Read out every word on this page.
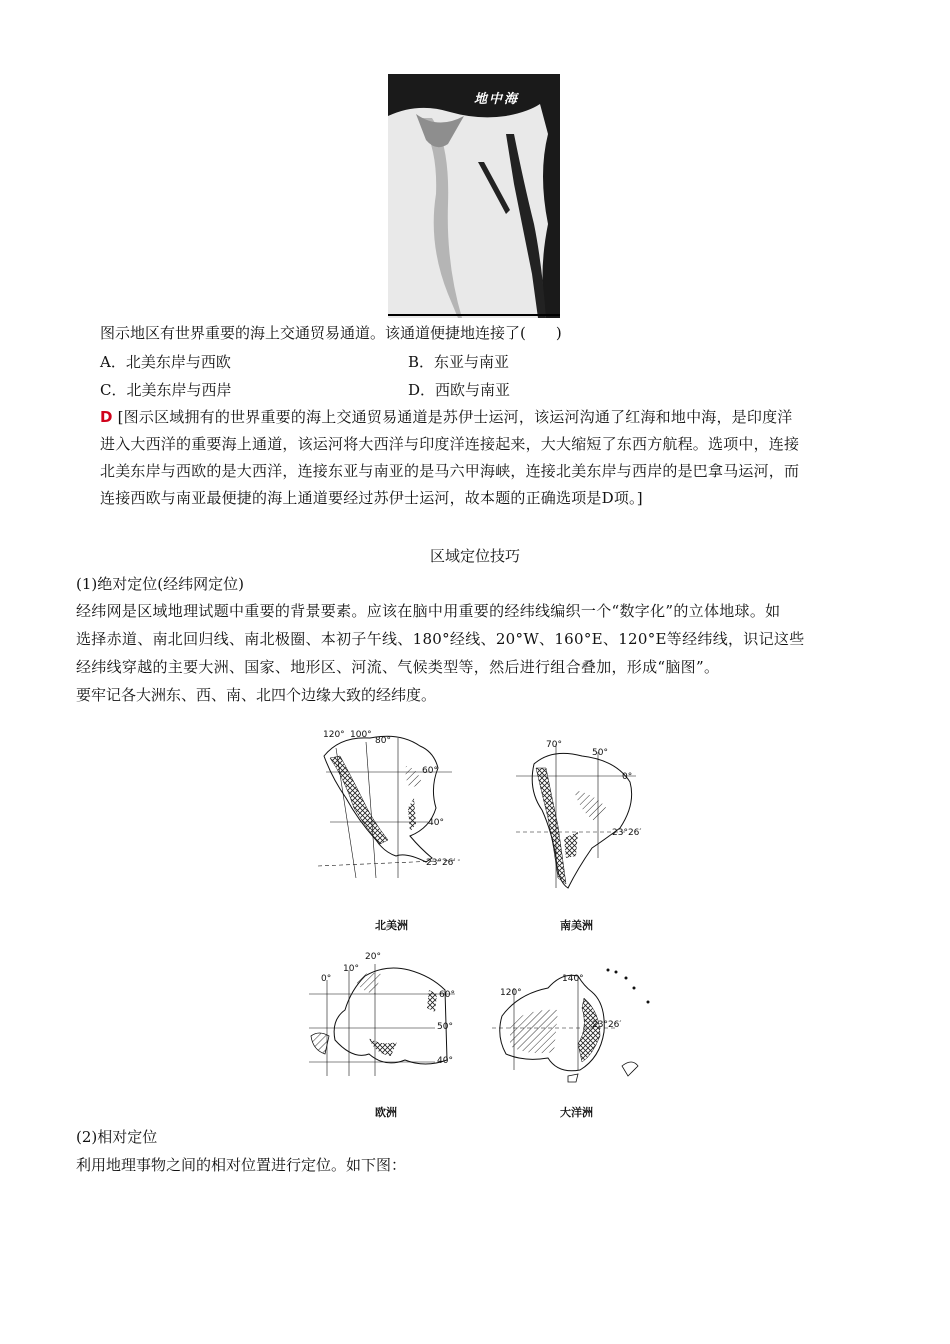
地中海
图示地区有世界重要的海上交通贸易通道。该通道便捷地连接了(　　)
A．北美东岸与西欧	B．东亚与南亚
C．北美东岸与西岸	D．西欧与南亚
D [图示区域拥有的世界重要的海上交通贸易通道是苏伊士运河，该运河沟通了红海和地中海，是印度洋
进入大西洋的重要海上通道，该运河将大西洋与印度洋连接起来，大大缩短了东西方航程。选项中，连接
北美东岸与西欧的是大西洋，连接东亚与南亚的是马六甲海峡，连接北美东岸与西岸的是巴拿马运河，而
连接西欧与南亚最便捷的海上通道要经过苏伊士运河，故本题的正确选项是D项。]
区域定位技巧
(1)绝对定位(经纬网定位)
经纬网是区域地理试题中重要的背景要素。应该在脑中用重要的经纬线编织一个“数字化”的立体地球。如
选择赤道、南北回归线、南北极圈、本初子午线、180°经线、20°W、160°E、120°E等经纬线，识记这些
经纬线穿越的主要大洲、国家、地形区、河流、气候类型等，然后进行组合叠加，形成“脑图”。
要牢记各大洲东、西、南、北四个边缘大致的经纬度。
120° 100°
80°
60°
40°
23°26′
北美洲
70°
50°
0°
23°26′
南美洲
20°
10°
0°
60°
50°
40°
欧洲
120°
140°
23°26′
大洋洲
(2)相对定位
利用地理事物之间的相对位置进行定位。如下图：
